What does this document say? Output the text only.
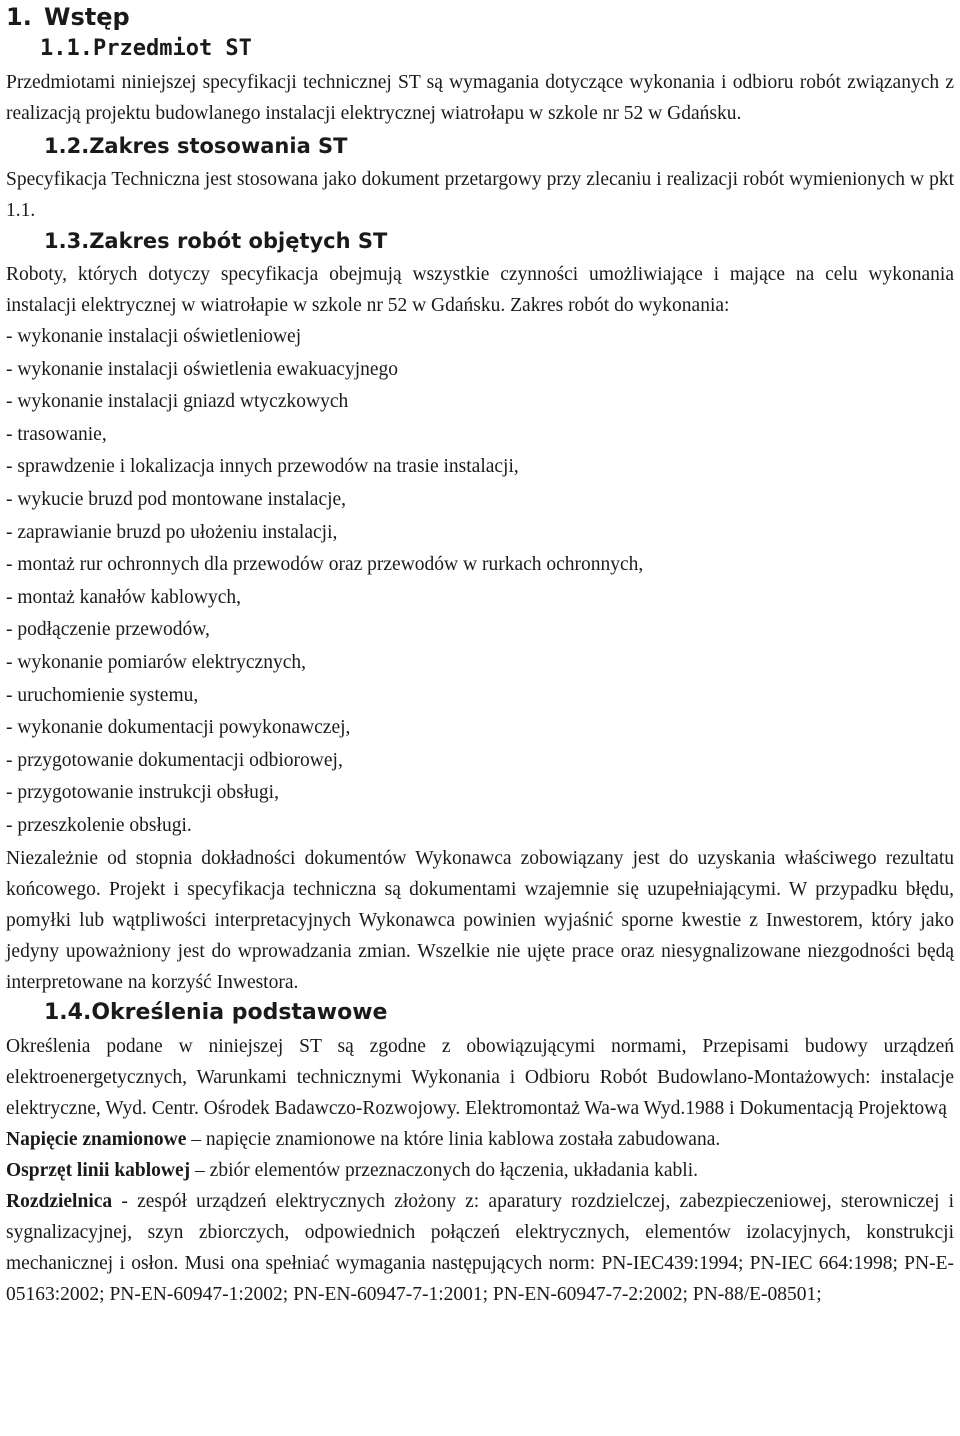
1. Wstęp
1.1.Przedmiot ST

Przedmiotami niniejszej specyfikacji technicznej ST są wymagania dotyczące wykonania i odbioru robót związanych z realizacją projektu budowlanego instalacji elektrycznej wiatrołapu w szkole nr 52 w Gdańsku.

1.2.Zakres stosowania ST

Specyfikacja Techniczna jest stosowana jako dokument przetargowy przy zlecaniu i realizacji robót wymienionych w pkt 1.1.

1.3.Zakres robót objętych ST

Roboty, których dotyczy specyfikacja obejmują wszystkie czynności umożliwiające i mające na celu wykonania instalacji elektrycznej w wiatrołapie w szkole nr 52 w Gdańsku. Zakres robót do wykonania:

- wykonanie instalacji oświetleniowej
- wykonanie instalacji oświetlenia ewakuacyjnego
- wykonanie instalacji gniazd wtyczkowych
- trasowanie,
- sprawdzenie i lokalizacja innych przewodów na trasie instalacji,
- wykucie bruzd pod montowane instalacje,
- zaprawianie bruzd po ułożeniu instalacji,
- montaż rur ochronnych dla przewodów oraz przewodów w rurkach ochronnych,
- montaż kanałów kablowych,
- podłączenie przewodów,
- wykonanie pomiarów elektrycznych,
- uruchomienie systemu,
- wykonanie dokumentacji powykonawczej,
- przygotowanie dokumentacji odbiorowej,
- przygotowanie instrukcji obsługi,
- przeszkolenie obsługi.

Niezależnie od stopnia dokładności dokumentów Wykonawca zobowiązany jest do uzyskania właściwego rezultatu końcowego. Projekt i specyfikacja techniczna są dokumentami wzajemnie się uzupełniającymi. W przypadku błędu, pomyłki lub wątpliwości interpretacyjnych Wykonawca powinien wyjaśnić sporne kwestie z Inwestorem, który jako jedyny upoważniony jest do wprowadzania zmian. Wszelkie nie ujęte prace oraz niesygnalizowane niezgodności będą interpretowane na korzyść Inwestora.

1.4.Określenia podstawowe

Określenia podane w niniejszej ST są zgodne z obowiązującymi normami, Przepisami budowy urządzeń elektroenergetycznych, Warunkami technicznymi Wykonania i Odbioru Robót Budowlano-Montażowych: instalacje elektryczne, Wyd. Centr. Ośrodek Badawczo-Rozwojowy. Elektromontaż Wa-wa Wyd.1988 i Dokumentacją Projektową

Napięcie znamionowe – napięcie znamionowe na które linia kablowa została zabudowana.

Osprzęt linii kablowej – zbiór elementów przeznaczonych do łączenia, układania kabli.

Rozdzielnica - zespół urządzeń elektrycznych złożony z: aparatury rozdzielczej, zabezpieczeniowej, sterowniczej i sygnalizacyjnej, szyn zbiorczych, odpowiednich połączeń elektrycznych, elementów izolacyjnych, konstrukcji mechanicznej i osłon. Musi ona spełniać wymagania następujących norm: PN-IEC439:1994; PN-IEC 664:1998; PN-E-05163:2002; PN-EN-60947-1:2002; PN-EN-60947-7-1:2001; PN-EN-60947-7-2:2002; PN-88/E-08501;
